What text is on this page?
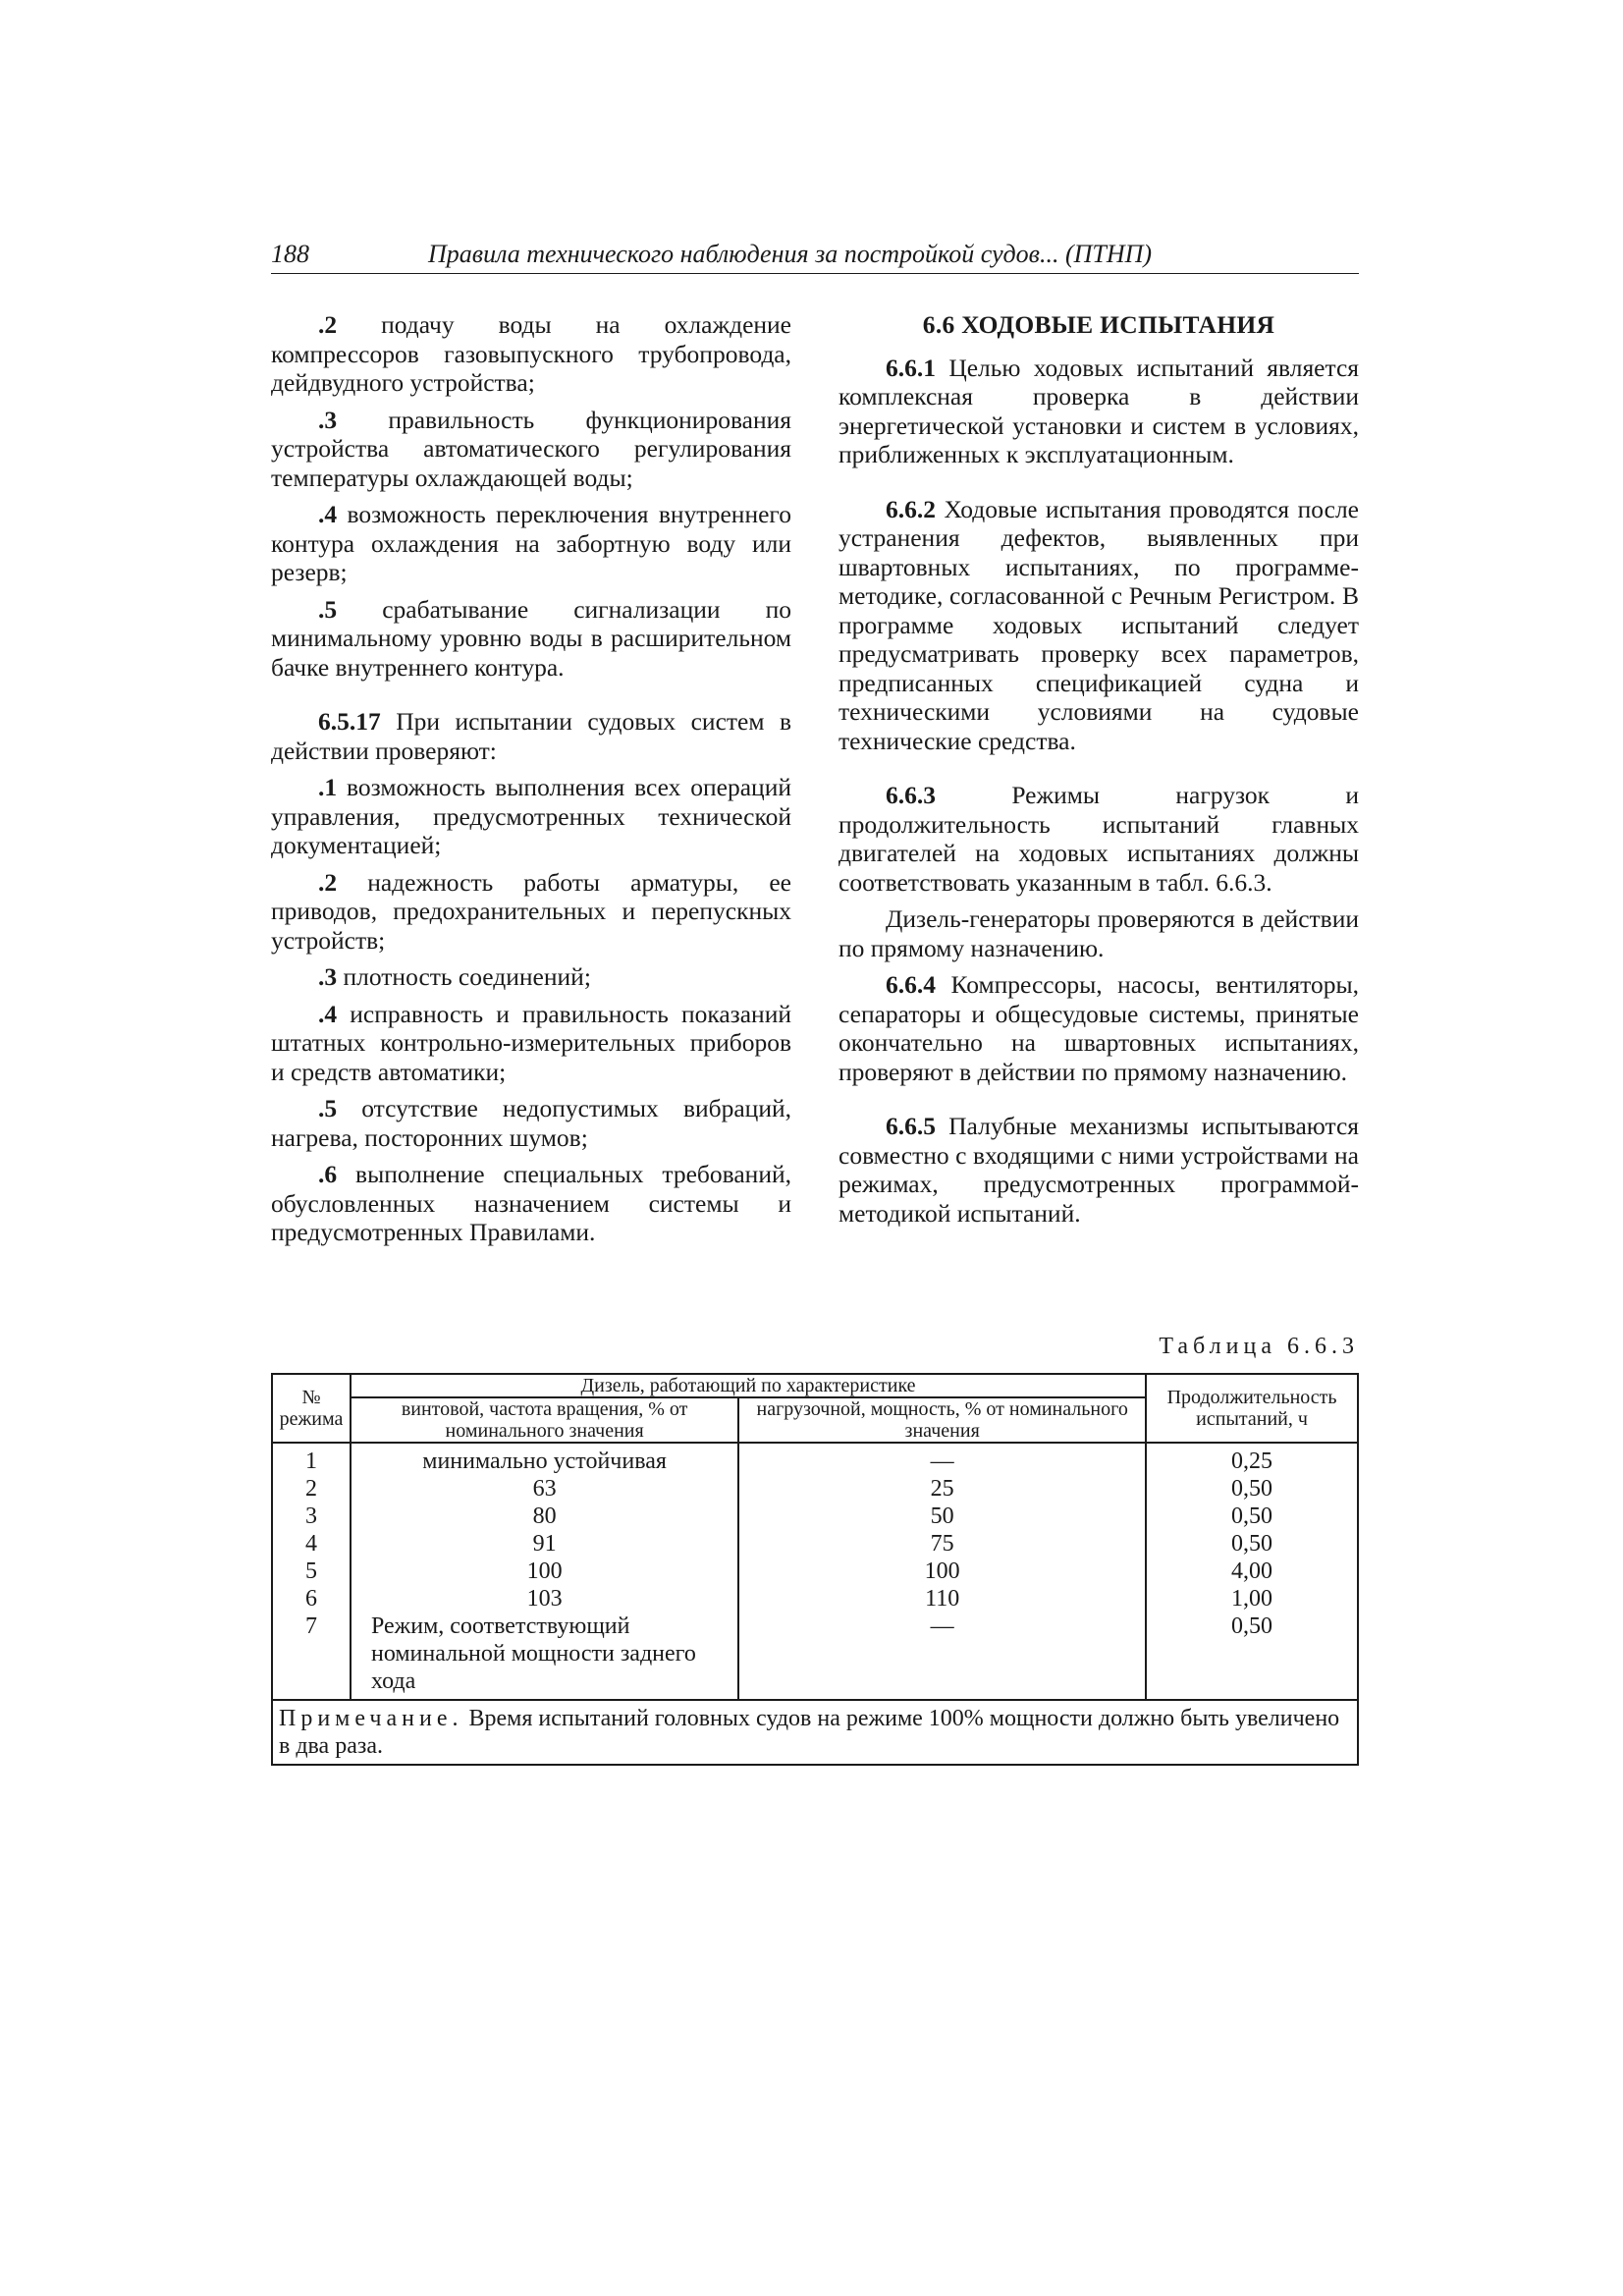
188	Правила технического наблюдения за постройкой судов... (ПТНП)

.2 подачу воды на охлаждение компрессоров газовыпускного трубопровода, дейдвудного устройства;

.3 правильность функционирования устройства автоматического регулирования температуры охлаждающей воды;

.4 возможность переключения внутреннего контура охлаждения на забортную воду или резерв;

.5 срабатывание сигнализации по минимальному уровню воды в расширительном бачке внутреннего контура.

6.5.17 При испытании судовых систем в действии проверяют:

.1 возможность выполнения всех операций управления, предусмотренных технической документацией;

.2 надежность работы арматуры, ее приводов, предохранительных и перепускных устройств;

.3 плотность соединений;

.4 исправность и правильность показаний штатных контрольно-измерительных приборов и средств автоматики;

.5 отсутствие недопустимых вибраций, нагрева, посторонних шумов;

.6 выполнение специальных требований, обусловленных назначением системы и предусмотренных Правилами.

6.6 ХОДОВЫЕ ИСПЫТАНИЯ

6.6.1 Целью ходовых испытаний является комплексная проверка в действии энергетической установки и систем в условиях, приближенных к эксплуатационным.

6.6.2 Ходовые испытания проводятся после устранения дефектов, выявленных при швартовных испытаниях, по программе-методике, согласованной с Речным Регистром. В программе ходовых испытаний следует предусматривать проверку всех параметров, предписанных спецификацией судна и техническими условиями на судовые технические средства.

6.6.3 Режимы нагрузок и продолжительность испытаний главных двигателей на ходовых испытаниях должны соответствовать указанным в табл. 6.6.3.

Дизель-генераторы проверяются в действии по прямому назначению.

6.6.4 Компрессоры, насосы, вентиляторы, сепараторы и общесудовые системы, принятые окончательно на швартовных испытаниях, проверяют в действии по прямому назначению.

6.6.5 Палубные механизмы испытываются совместно с входящими с ними устройствами на режимах, предусмотренных программой-методикой испытаний.

Таблица 6.6.3
№ режима	Дизель, работающий по характеристике		Продолжительность испытаний, ч
	винтовой, частота вращения, % от номинального значения	нагрузочной, мощность, % от номинального значения	
1	минимально устойчивая	—	0,25
2	63	25	0,50
3	80	50	0,50
4	91	75	0,50
5	100	100	4,00
6	103	110	1,00
7	Режим, соответствующий номинальной мощности заднего хода	—	0,50
Примечание. Время испытаний головных судов на режиме 100% мощности должно быть увеличено в два раза.			
